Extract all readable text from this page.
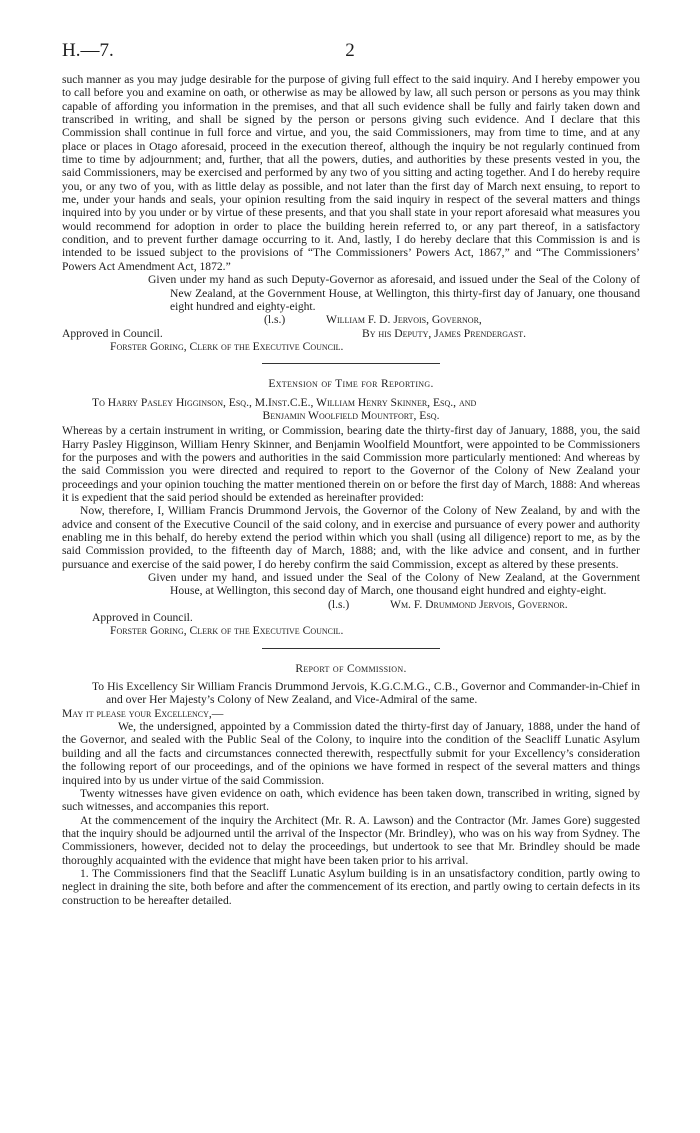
H.—7.	2

such manner as you may judge desirable for the purpose of giving full effect to the said inquiry. And I hereby empower you to call before you and examine on oath, or otherwise as may be allowed by law, all such person or persons as you may think capable of affording you information in the premises, and that all such evidence shall be fully and fairly taken down and transcribed in writing, and shall be signed by the person or persons giving such evidence. And I declare that this Commission shall continue in full force and virtue, and you, the said Commissioners, may from time to time, and at any place or places in Otago aforesaid, proceed in the execution thereof, although the inquiry be not regularly continued from time to time by adjournment; and, further, that all the powers, duties, and authorities by these presents vested in you, the said Commissioners, may be exercised and performed by any two of you sitting and acting together. And I do hereby require you, or any two of you, with as little delay as possible, and not later than the first day of March next ensuing, to report to me, under your hands and seals, your opinion resulting from the said inquiry in respect of the several matters and things inquired into by you under or by virtue of these presents, and that you shall state in your report aforesaid what measures you would recommend for adoption in order to place the building herein referred to, or any part thereof, in a satisfactory condition, and to prevent further damage occurring to it. And, lastly, I do hereby declare that this Commission is and is intended to be issued subject to the provisions of “The Commissioners’ Powers Act, 1867,” and “The Commissioners’ Powers Act Amendment Act, 1872.”

Given under my hand as such Deputy-Governor as aforesaid, and issued under the Seal of the Colony of New Zealand, at the Government House, at Wellington, this thirty-first day of January, one thousand eight hundred and eighty-eight.

(l.s.)	William F. D. Jervois, Governor,
Approved in Council.	By his Deputy, James Prendergast.

Forster Goring, Clerk of the Executive Council.

Extension of Time for Reporting.

To Harry Pasley Higginson, Esq., M.Inst.C.E., William Henry Skinner, Esq., and

Benjamin Woolfield Mountfort, Esq.

Whereas by a certain instrument in writing, or Commission, bearing date the thirty-first day of January, 1888, you, the said Harry Pasley Higginson, William Henry Skinner, and Benjamin Woolfield Mountfort, were appointed to be Commissioners for the purposes and with the powers and authorities in the said Commission more particularly mentioned: And whereas by the said Commission you were directed and required to report to the Governor of the Colony of New Zealand your proceedings and your opinion touching the matter mentioned therein on or before the first day of March, 1888: And whereas it is expedient that the said period should be extended as hereinafter provided:

Now, therefore, I, William Francis Drummond Jervois, the Governor of the Colony of New Zealand, by and with the advice and consent of the Executive Council of the said colony, and in exercise and pursuance of every power and authority enabling me in this behalf, do hereby extend the period within which you shall (using all diligence) report to me, as by the said Commission provided, to the fifteenth day of March, 1888; and, with the like advice and consent, and in further pursuance and exercise of the said power, I do hereby confirm the said Commission, except as altered by these presents.

Given under my hand, and issued under the Seal of the Colony of New Zealand, at the Government House, at Wellington, this second day of March, one thousand eight hundred and eighty-eight.

(l.s.)	Wm. F. Drummond Jervois, Governor.

Approved in Council.

Forster Goring, Clerk of the Executive Council.

Report of Commission.

To His Excellency Sir William Francis Drummond Jervois, K.G.C.M.G., C.B., Governor and Commander-in-Chief in and over Her Majesty’s Colony of New Zealand, and Vice-Admiral of the same.

May it please your Excellency,—

We, the undersigned, appointed by a Commission dated the thirty-first day of January, 1888, under the hand of the Governor, and sealed with the Public Seal of the Colony, to inquire into the condition of the Seacliff Lunatic Asylum building and all the facts and circumstances connected therewith, respectfully submit for your Excellency’s consideration the following report of our proceedings, and of the opinions we have formed in respect of the several matters and things inquired into by us under virtue of the said Commission.

Twenty witnesses have given evidence on oath, which evidence has been taken down, transcribed in writing, signed by such witnesses, and accompanies this report.

At the commencement of the inquiry the Architect (Mr. R. A. Lawson) and the Contractor (Mr. James Gore) suggested that the inquiry should be adjourned until the arrival of the Inspector (Mr. Brindley), who was on his way from Sydney. The Commissioners, however, decided not to delay the proceedings, but undertook to see that Mr. Brindley should be made thoroughly acquainted with the evidence that might have been taken prior to his arrival.

1. The Commissioners find that the Seacliff Lunatic Asylum building is in an unsatisfactory condition, partly owing to neglect in draining the site, both before and after the commencement of its erection, and partly owing to certain defects in its construction to be hereafter detailed.
